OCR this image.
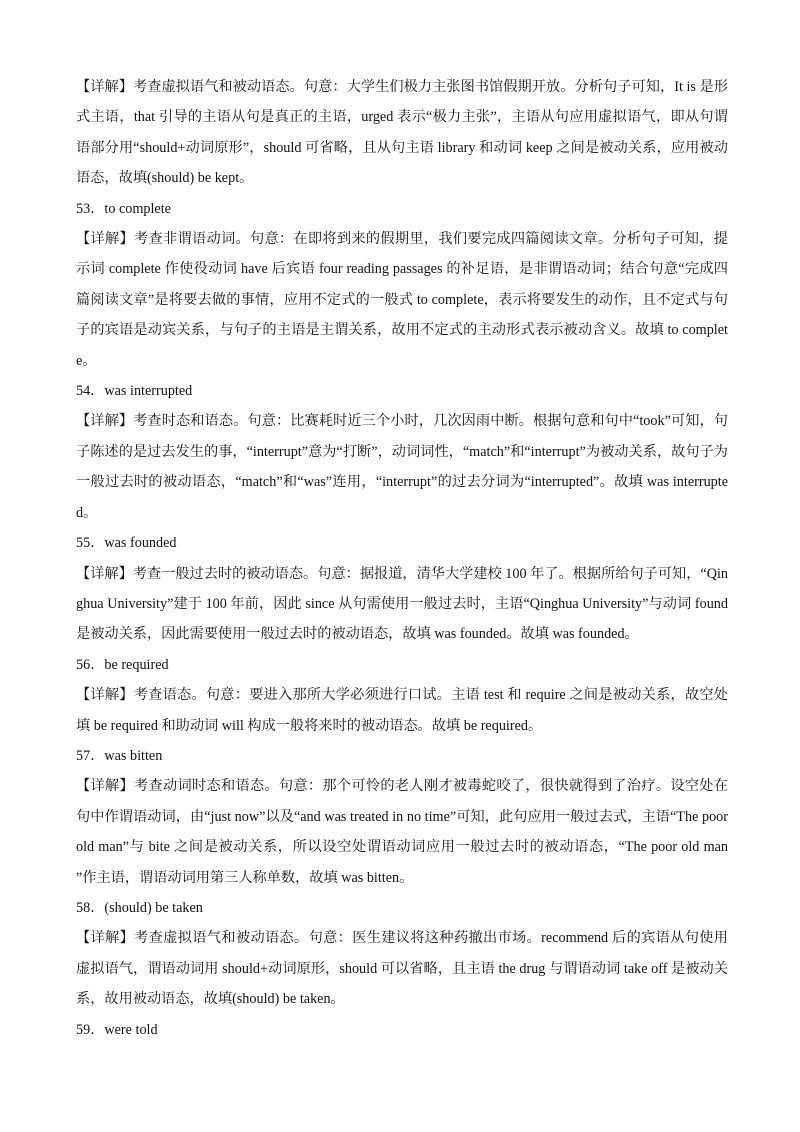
【详解】考查虚拟语气和被动语态。句意：大学生们极力主张图书馆假期开放。分析句子可知，It is 是形式主语，that 引导的主语从句是真正的主语，urged 表示“极力主张”，主语从句应用虚拟语气，即从句谓语部分用“should+动词原形”，should 可省略，且从句主语 library 和动词 keep 之间是被动关系，应用被动语态，故填(should) be kept。

53．to complete

【详解】考查非谓语动词。句意：在即将到来的假期里，我们要完成四篇阅读文章。分析句子可知，提示词 complete 作使役动词 have 后宾语 four reading passages 的补足语，是非谓语动词；结合句意“完成四篇阅读文章”是将要去做的事情，应用不定式的一般式 to complete，表示将要发生的动作，且不定式与句子的宾语是动宾关系，与句子的主语是主谓关系，故用不定式的主动形式表示被动含义。故填 to complete。

54．was interrupted

【详解】考查时态和语态。句意：比赛耗时近三个小时，几次因雨中断。根据句意和句中“took”可知，句子陈述的是过去发生的事，“interrupt”意为“打断”，动词词性，“match”和“interrupt”为被动关系，故句子为一般过去时的被动语态，“match”和“was”连用，“interrupt”的过去分词为“interrupted”。故填 was interrupted。

55．was founded

【详解】考查一般过去时的被动语态。句意：据报道，清华大学建校 100 年了。根据所给句子可知，“Qinghua University”建于 100 年前，因此 since 从句需使用一般过去时，主语“Qinghua University”与动词 found 是被动关系，因此需要使用一般过去时的被动语态，故填 was founded。故填 was founded。

56．be required

【详解】考查语态。句意：要进入那所大学必须进行口试。主语 test 和 require 之间是被动关系，故空处填 be required 和助动词 will 构成一般将来时的被动语态。故填 be required。

57．was bitten

【详解】考查动词时态和语态。句意：那个可怜的老人刚才被毒蛇咬了，很快就得到了治疗。设空处在句中作谓语动词，由“just now”以及“and was treated in no time”可知，此句应用一般过去式，主语“The poor old man”与 bite 之间是被动关系，所以设空处谓语动词应用一般过去时的被动语态，“The poor old man ”作主语，谓语动词用第三人称单数，故填 was bitten。

58．(should) be taken

【详解】考查虚拟语气和被动语态。句意：医生建议将这种药撤出市场。recommend 后的宾语从句使用虚拟语气，谓语动词用 should+动词原形，should 可以省略，且主语 the drug 与谓语动词 take off 是被动关系，故用被动语态，故填(should) be taken。

59．were told
